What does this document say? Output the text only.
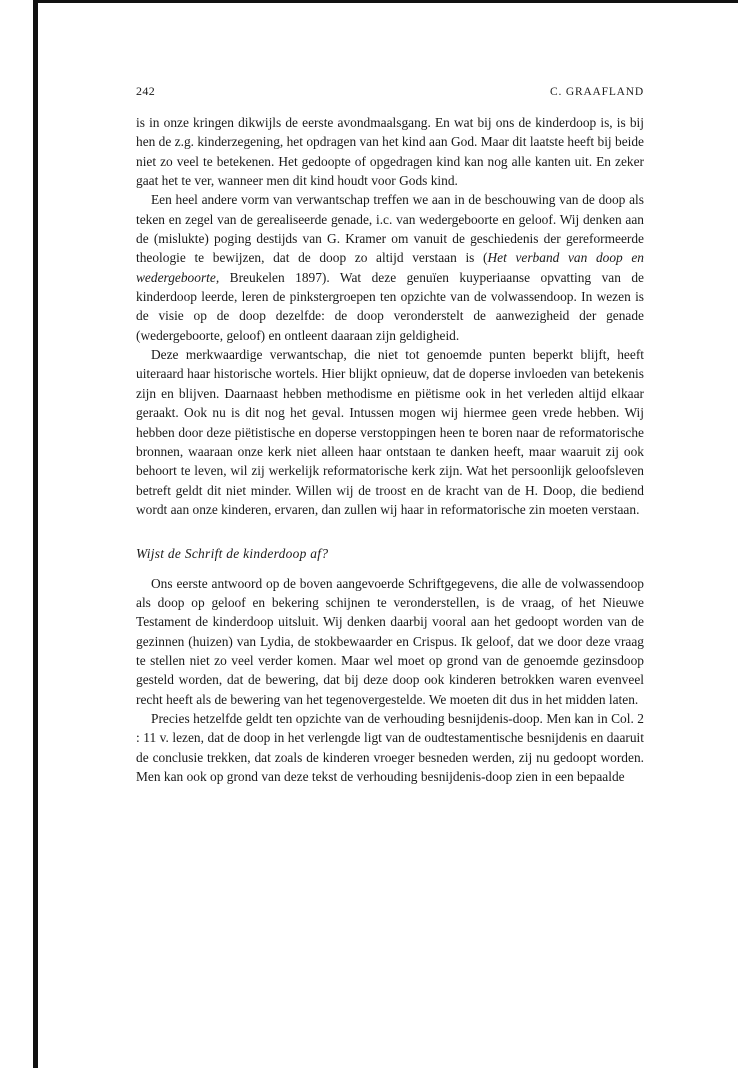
242	C. GRAAFLAND

is in onze kringen dikwijls de eerste avondmaalsgang. En wat bij ons de kinderdoop is, is bij hen de z.g. kinderzegening, het opdragen van het kind aan God. Maar dit laatste heeft bij beide niet zo veel te betekenen. Het gedoopte of opgedragen kind kan nog alle kanten uit. En zeker gaat het te ver, wanneer men dit kind houdt voor Gods kind.

Een heel andere vorm van verwantschap treffen we aan in de beschouwing van de doop als teken en zegel van de gerealiseerde genade, i.c. van wedergeboorte en geloof. Wij denken aan de (mislukte) poging destijds van G. Kramer om vanuit de geschiedenis der gereformeerde theologie te bewijzen, dat de doop zo altijd verstaan is (Het verband van doop en wedergeboorte, Breukelen 1897). Wat deze genuïen kuyperiaanse opvatting van de kinderdoop leerde, leren de pinkstergroepen ten opzichte van de volwassendoop. In wezen is de visie op de doop dezelfde: de doop veronderstelt de aanwezigheid der genade (wedergeboorte, geloof) en ontleent daaraan zijn geldigheid.

Deze merkwaardige verwantschap, die niet tot genoemde punten beperkt blijft, heeft uiteraard haar historische wortels. Hier blijkt opnieuw, dat de doperse invloeden van betekenis zijn en blijven. Daarnaast hebben methodisme en piëtisme ook in het verleden altijd elkaar geraakt. Ook nu is dit nog het geval. Intussen mogen wij hiermee geen vrede hebben. Wij hebben door deze piëtistische en doperse verstoppingen heen te boren naar de reformatorische bronnen, waaraan onze kerk niet alleen haar ontstaan te danken heeft, maar waaruit zij ook behoort te leven, wil zij werkelijk reformatorische kerk zijn. Wat het persoonlijk geloofsleven betreft geldt dit niet minder. Willen wij de troost en de kracht van de H. Doop, die bediend wordt aan onze kinderen, ervaren, dan zullen wij haar in reformatorische zin moeten verstaan.

Wijst de Schrift de kinderdoop af?

Ons eerste antwoord op de boven aangevoerde Schriftgegevens, die alle de volwassendoop als doop op geloof en bekering schijnen te veronderstellen, is de vraag, of het Nieuwe Testament de kinderdoop uitsluit. Wij denken daarbij vooral aan het gedoopt worden van de gezinnen (huizen) van Lydia, de stokbewaarder en Crispus. Ik geloof, dat we door deze vraag te stellen niet zo veel verder komen. Maar wel moet op grond van de genoemde gezinsdoop gesteld worden, dat de bewering, dat bij deze doop ook kinderen betrokken waren evenveel recht heeft als de bewering van het tegenovergestelde. We moeten dit dus in het midden laten.

Precies hetzelfde geldt ten opzichte van de verhouding besnijdenis-doop. Men kan in Col. 2 : 11 v. lezen, dat de doop in het verlengde ligt van de oudtestamentische besnijdenis en daaruit de conclusie trekken, dat zoals de kinderen vroeger besneden werden, zij nu gedoopt worden. Men kan ook op grond van deze tekst de verhouding besnijdenis-doop zien in een bepaalde
